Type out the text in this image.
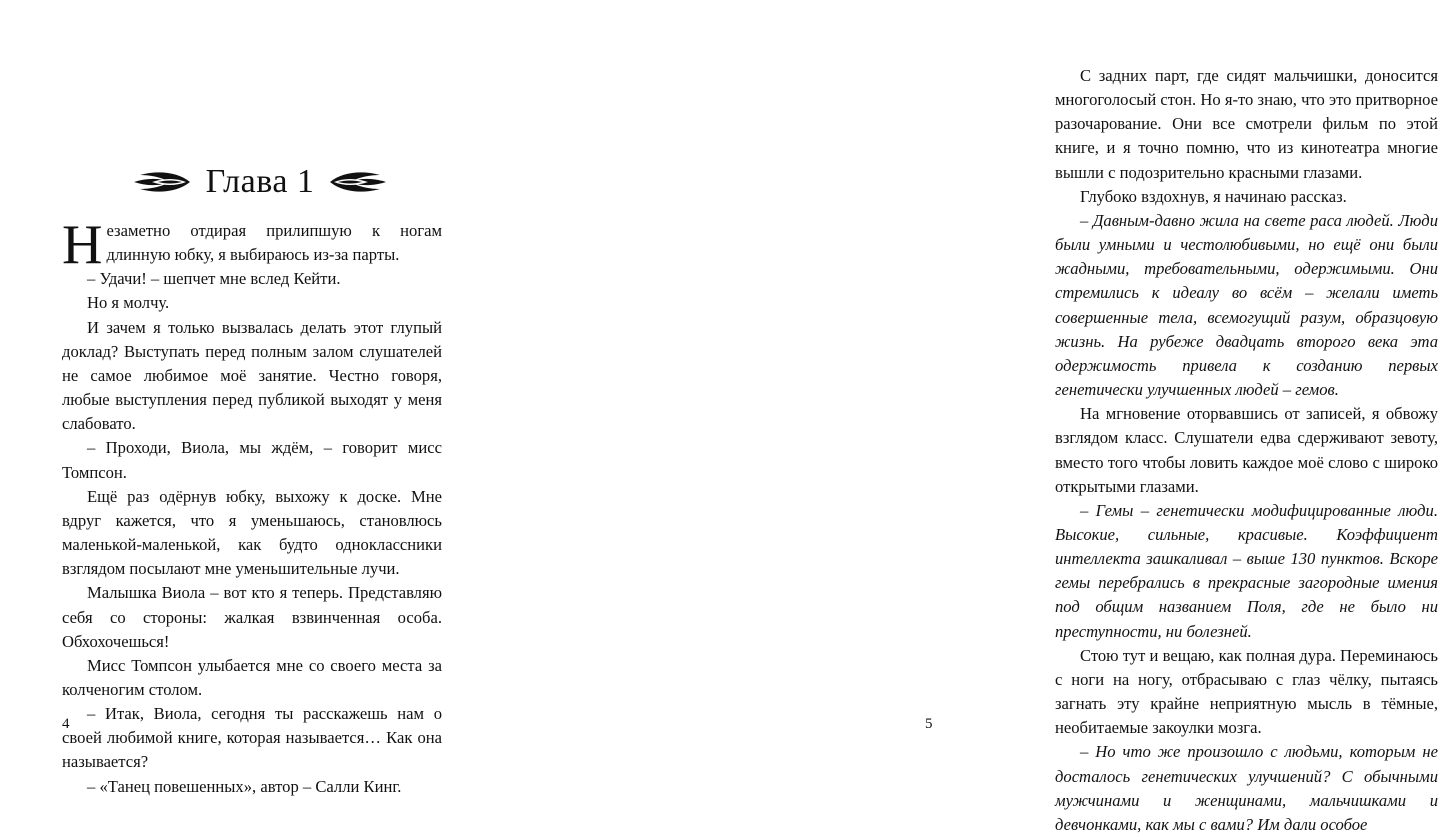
Глава 1

Незаметно отдирая прилипшую к ногам длинную юбку, я выбираюсь из-за парты.

– Удачи! – шепчет мне вслед Кейти.

Но я молчу.

И зачем я только вызвалась делать этот глупый доклад? Выступать перед полным залом слушателей не самое любимое моё занятие. Честно говоря, любые выступления перед публикой выходят у меня слабовато.

– Проходи, Виола, мы ждём, – говорит мисс Томпсон.

Ещё раз одёрнув юбку, выхожу к доске. Мне вдруг кажется, что я уменьшаюсь, становлюсь маленькой-маленькой, как будто одноклассники взглядом посылают мне уменьшительные лучи.

Малышка Виола – вот кто я теперь. Представляю себя со стороны: жалкая взвинченная особа. Обхохочешься!

Мисс Томпсон улыбается мне со своего места за колченогим столом.

– Итак, Виола, сегодня ты расскажешь нам о своей любимой книге, которая называется… Как она называется?

– «Танец повешенных», автор – Салли Кинг.

4

С задних парт, где сидят мальчишки, доносится многоголосый стон. Но я-то знаю, что это притворное разочарование. Они все смотрели фильм по этой книге, и я точно помню, что из кинотеатра многие вышли с подозрительно красными глазами.

Глубоко вздохнув, я начинаю рассказ.

– Давным-давно жила на свете раса людей. Люди были умными и честолюбивыми, но ещё они были жадными, требовательными, одержимыми. Они стремились к идеалу во всём – желали иметь совершенные тела, всемогущий разум, образцовую жизнь. На рубеже двадцать второго века эта одержимость привела к созданию первых генетически улучшенных людей – гемов.

На мгновение оторвавшись от записей, я обвожу взглядом класс. Слушатели едва сдерживают зевоту, вместо того чтобы ловить каждое моё слово с широко открытыми глазами.

– Гемы – генетически модифицированные люди. Высокие, сильные, красивые. Коэффициент интеллекта зашкаливал – выше 130 пунктов. Вскоре гемы перебрались в прекрасные загородные имения под общим названием Поля, где не было ни преступности, ни болезней.

Стою тут и вещаю, как полная дура. Переминаюсь с ноги на ногу, отбрасываю с глаз чёлку, пытаясь загнать эту крайне неприятную мысль в тёмные, необитаемые закоулки мозга.

– Но что же произошло с людьми, которым не досталось генетических улучшений? С обычными мужчинами и женщинами, мальчишками и девчонками, как мы с вами? Им дали особое

5
